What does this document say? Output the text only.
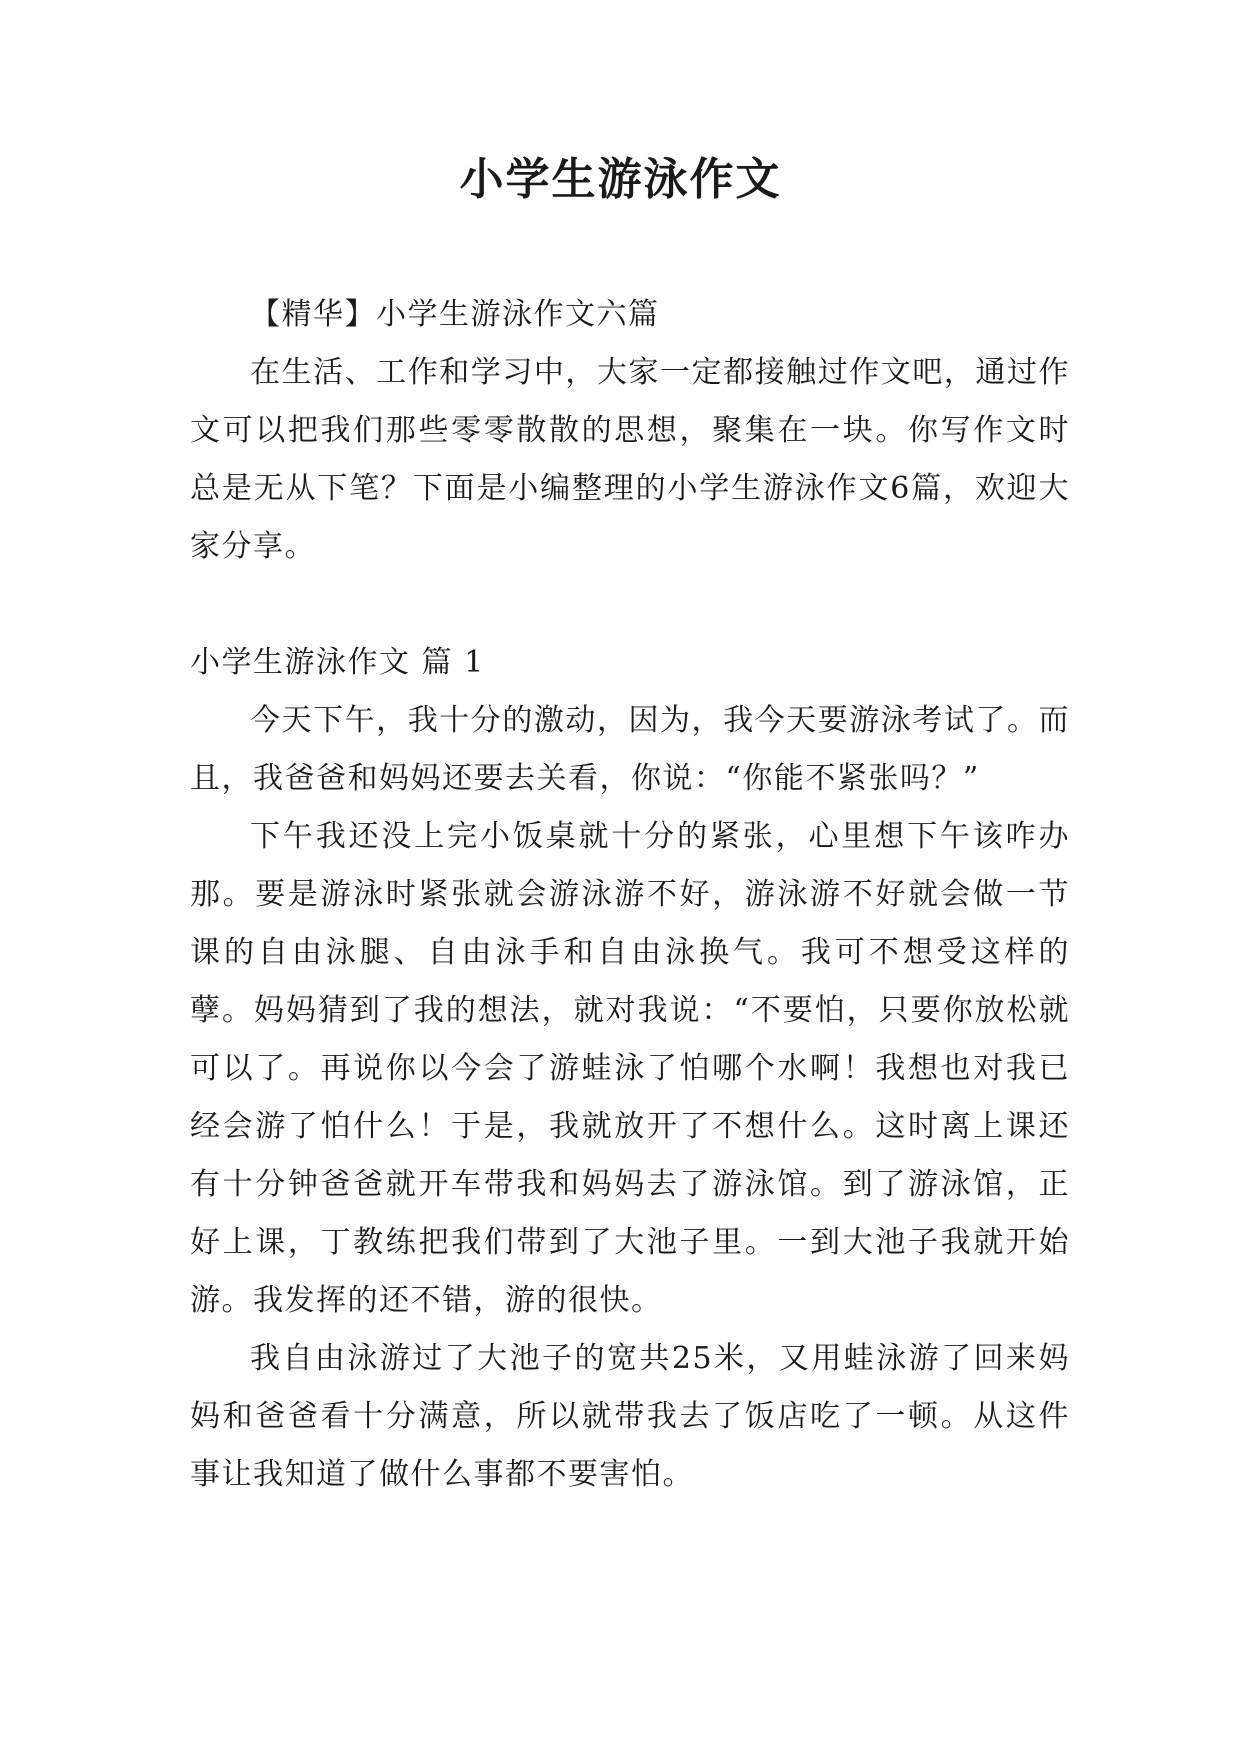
小学生游泳作文

【精华】小学生游泳作文六篇

在生活、工作和学习中，大家一定都接触过作文吧，通过作文可以把我们那些零零散散的思想，聚集在一块。你写作文时总是无从下笔？下面是小编整理的小学生游泳作文6篇，欢迎大家分享。

小学生游泳作文 篇 1

今天下午，我十分的激动，因为，我今天要游泳考试了。而且，我爸爸和妈妈还要去关看，你说：“你能不紧张吗？”

下午我还没上完小饭桌就十分的紧张，心里想下午该咋办那。要是游泳时紧张就会游泳游不好，游泳游不好就会做一节课的自由泳腿、自由泳手和自由泳换气。我可不想受这样的孽。妈妈猜到了我的想法，就对我说：“不要怕，只要你放松就可以了。再说你以今会了游蛙泳了怕哪个水啊！我想也对我已经会游了怕什么！于是，我就放开了不想什么。这时离上课还有十分钟爸爸就开车带我和妈妈去了游泳馆。到了游泳馆，正好上课，丁教练把我们带到了大池子里。一到大池子我就开始游。我发挥的还不错，游的很快。

我自由泳游过了大池子的宽共25米，又用蛙泳游了回来妈妈和爸爸看十分满意，所以就带我去了饭店吃了一顿。从这件事让我知道了做什么事都不要害怕。
